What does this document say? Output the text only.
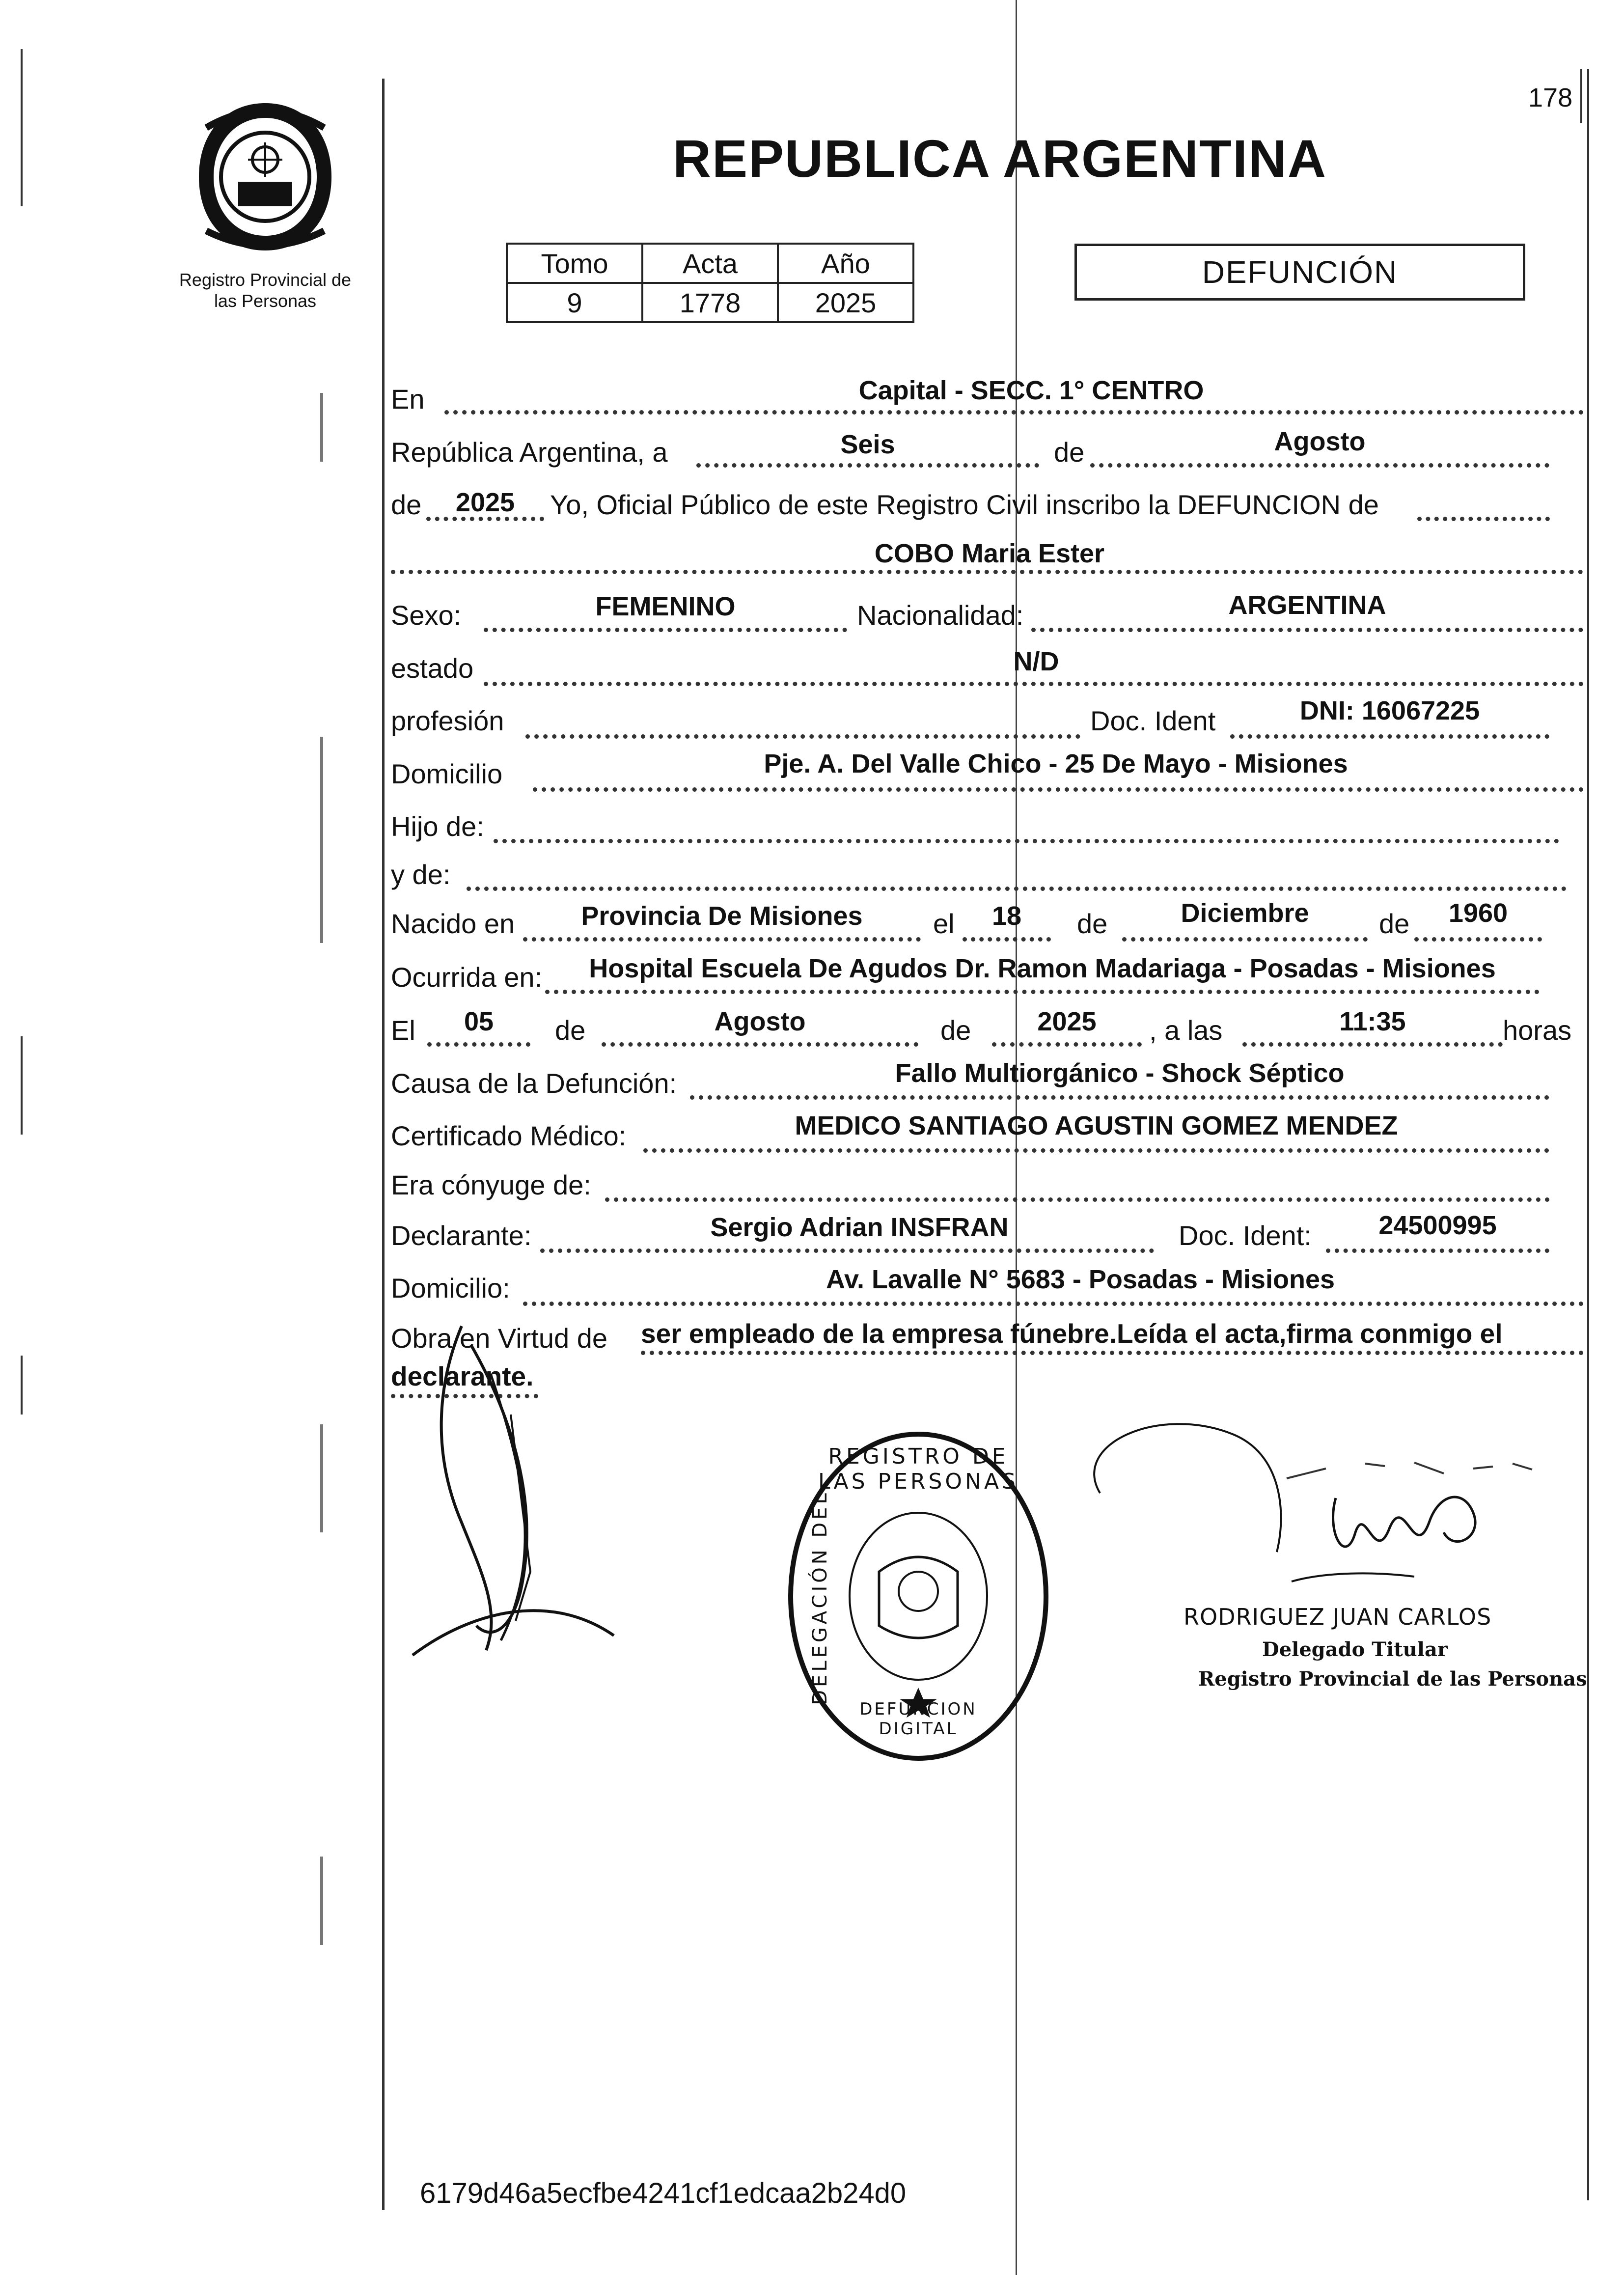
178
Registro Provincial de
las Personas
REPUBLICA ARGENTINA
Tomo	Acta	Año
9	1778	2025
DEFUNCIÓN
En	Capital - SECC. 1° CENTRO
República Argentina, a	Seis	de	Agosto
de	2025	Yo, Oficial Público de este Registro Civil inscribo la DEFUNCION de
COBO Maria Ester
Sexo:	FEMENINO	Nacionalidad:	ARGENTINA
estado	N/D
profesión	Doc. Ident	DNI: 16067225
Domicilio	Pje. A. Del Valle Chico - 25 De Mayo - Misiones
Hijo de:
y de:
Nacido en	Provincia De Misiones	el	18	de	Diciembre	de	1960
Ocurrida en:	Hospital Escuela De Agudos Dr. Ramon Madariaga - Posadas - Misiones
El	05	de	Agosto	de	2025	, a las	11:35	horas
Causa de la Defunción:	Fallo Multiorgánico - Shock Séptico
Certificado Médico:	MEDICO SANTIAGO AGUSTIN GOMEZ MENDEZ
Era cónyuge de:
Declarante:	Sergio Adrian INSFRAN	Doc. Ident:	24500995
Domicilio:	Av. Lavalle N° 5683 - Posadas - Misiones
Obra en Virtud de ser empleado de la empresa fúnebre.Leída el acta,firma conmigo el
declarante.
REGISTRO DE LAS PERSONAS
DELEGACIÓN DEL
DEFUNCION DIGITAL
RODRIGUEZ JUAN CARLOS
Delegado Titular
Registro Provincial de las Personas
6179d46a5ecfbe4241cf1edcaa2b24d0
